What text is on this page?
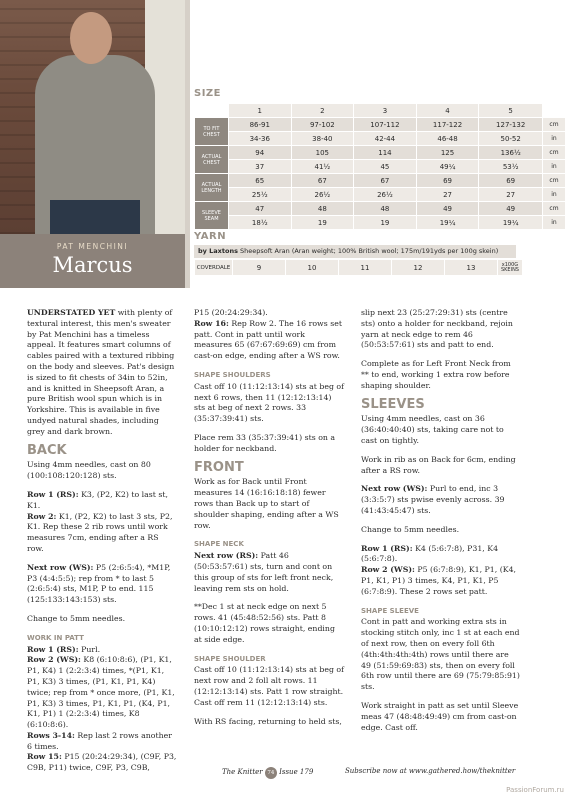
PAT MENCHINI
Marcus
SIZE
	1	2	3	4	5	
TO FIT CHEST	86-91	97-102	107-112	117-122	127-132	cm
	34-36	38-40	42-44	46-48	50-52	in
ACTUAL CHEST	94	105	114	125	136½	cm
	37	41½	45	49¼	53½	in
ACTUAL LENGTH	65	67	67	69	69	cm
	25½	26½	26½	27	27	in
SLEEVE SEAM	47	48	48	49	49	cm
	18½	19	19	19¼	19¼	in
YARN
by Laxtons Sheepsoft Aran (Aran weight; 100% British wool; 175m/191yds per 100g skein)
COVERDALE	9	10	11	12	13	x100G SKEINS

UNDERSTATED YET with plenty of textural interest, this men's sweater by Pat Menchini has a timeless appeal. It features smart columns of cables paired with a textured ribbing on the body and sleeves. Pat's design is sized to fit chests of 34in to 52in, and is knitted in Sheepsoft Aran, a pure British wool spun which is in Yorkshire. This is available in five undyed natural shades, including grey and dark brown.

BACK

Using 4mm needles, cast on 80 (100:108:120:128) sts.

Row 1 (RS): K3, (P2, K2) to last st, K1.
Row 2: K1, (P2, K2) to last 3 sts, P2, K1. Rep these 2 rib rows until work measures 7cm, ending after a RS row.

Next row (WS): P5 (2:6:5:4), *M1P, P3 (4:4:5:5); rep from * to last 5 (2:6:5:4) sts, M1P, P to end. 115 (125:133:143:153) sts.

Change to 5mm needles.

WORK IN PATT

Row 1 (RS): Purl.
Row 2 (WS): K8 (6:10:8:6), (P1, K1, P1, K4) 1 (2:2:3:4) times, *(P1, K1, P1, K3) 3 times, (P1, K1, P1, K4) twice; rep from * once more, (P1, K1, P1, K3) 3 times, P1, K1, P1, (K4, P1, K1, P1) 1 (2:2:3:4) times, K8 (6:10:8:6).
Rows 3-14: Rep last 2 rows another 6 times.
Row 15: P15 (20:24:29:34), (C9F, P3, C9B, P11) twice, C9F, P3, C9B,

P15 (20:24:29:34).
Row 16: Rep Row 2. The 16 rows set patt. Cont in patt until work measures 65 (67:67:69:69) cm from cast-on edge, ending after a WS row.

SHAPE SHOULDERS

Cast off 10 (11:12:13:14) sts at beg of next 6 rows, then 11 (12:12:13:14) sts at beg of next 2 rows. 33 (35:37:39:41) sts.

Place rem 33 (35:37:39:41) sts on a holder for neckband.

FRONT

Work as for Back until Front measures 14 (16:16:18:18) fewer rows than Back up to start of shoulder shaping, ending after a WS row.

SHAPE NECK

Next row (RS): Patt 46 (50:53:57:61) sts, turn and cont on this group of sts for left front neck, leaving rem sts on hold.

**Dec 1 st at neck edge on next 5 rows. 41 (45:48:52:56) sts. Patt 8 (10:10:12:12) rows straight, ending at side edge.

SHAPE SHOULDER

Cast off 10 (11:12:13:14) sts at beg of next row and 2 foll alt rows. 11 (12:12:13:14) sts. Patt 1 row straight. Cast off rem 11 (12:12:13:14) sts.

With RS facing, returning to held sts,

slip next 23 (25:27:29:31) sts (centre sts) onto a holder for neckband, rejoin yarn at neck edge to rem 46 (50:53:57:61) sts and patt to end.

Complete as for Left Front Neck from ** to end, working 1 extra row before shaping shoulder.

SLEEVES

Using 4mm needles, cast on 36 (36:40:40:40) sts, taking care not to cast on tightly.

Work in rib as on Back for 6cm, ending after a RS row.

Next row (WS): Purl to end, inc 3 (3:3:5:7) sts pwise evenly across. 39 (41:43:45:47) sts.

Change to 5mm needles.

Row 1 (RS): K4 (5:6:7:8), P31, K4 (5:6:7:8).
Row 2 (WS): P5 (6:7:8:9), K1, P1, (K4, P1, K1, P1) 3 times, K4, P1, K1, P5 (6:7:8:9). These 2 rows set patt.

SHAPE SLEEVE

Cont in patt and working extra sts in stocking stitch only, inc 1 st at each end of next row, then on every foll 6th (4th:4th:4th:4th) rows until there are 49 (51:59:69:83) sts, then on every foll 6th row until there are 69 (75:79:85:91) sts.

Work straight in patt as set until Sleeve meas 47 (48:48:49:49) cm from cast-on edge. Cast off.

The Knitter 74 Issue 179	Subscribe now at www.gathered.how/theknitter
PassionForum.ru
